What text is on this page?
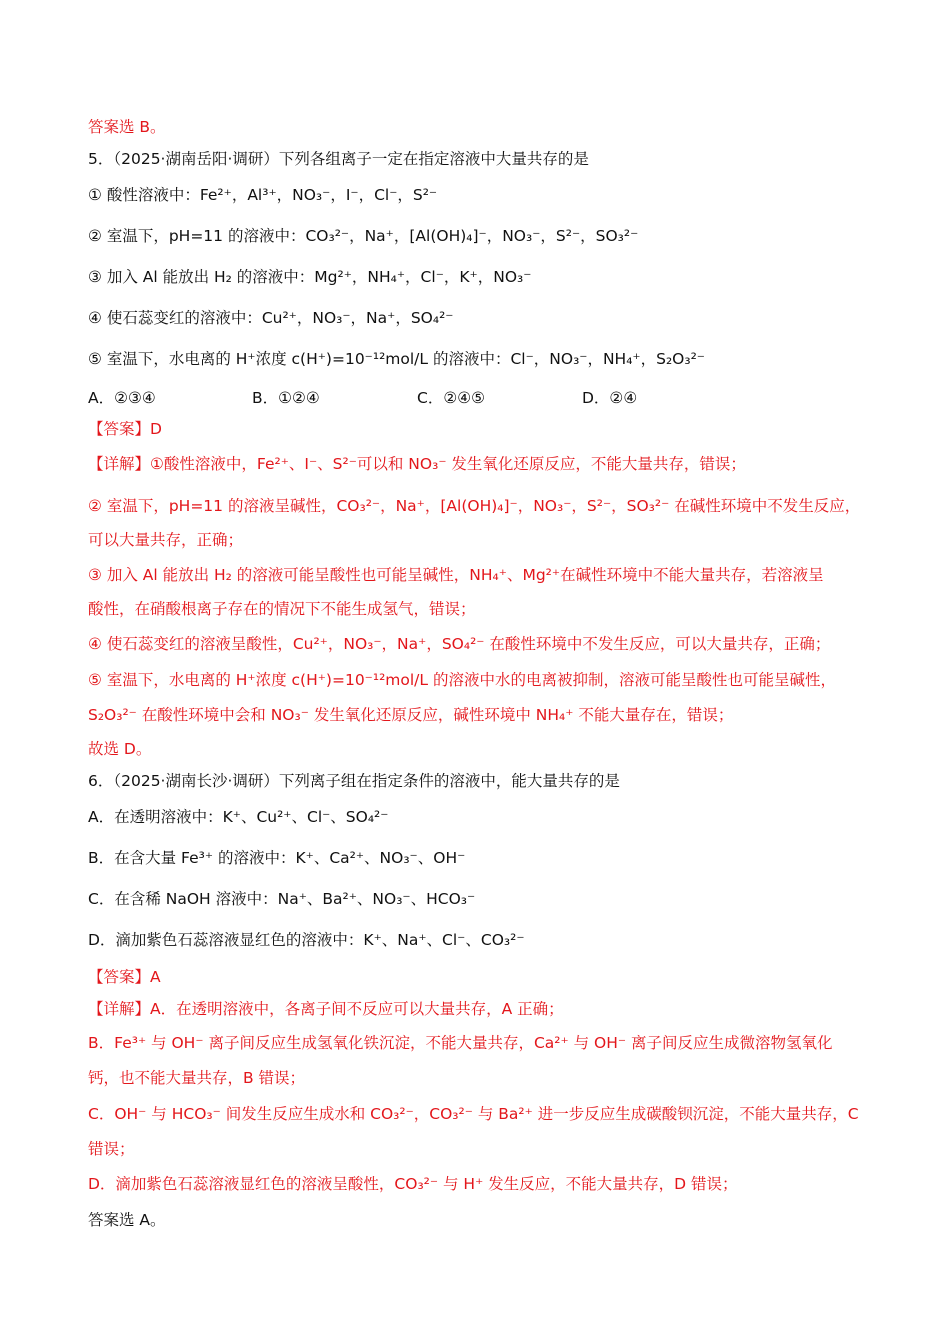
答案选 B。
5．（2025·湖南岳阳·调研）下列各组离子一定在指定溶液中大量共存的是
① 酸性溶液中：Fe²⁺，Al³⁺，NO₃⁻，I⁻，Cl⁻，S²⁻
② 室温下，pH=11 的溶液中：CO₃²⁻，Na⁺，[Al(OH)₄]⁻，NO₃⁻，S²⁻，SO₃²⁻
③ 加入 Al 能放出 H₂ 的溶液中：Mg²⁺，NH₄⁺，Cl⁻，K⁺，NO₃⁻
④ 使石蕊变红的溶液中：Cu²⁺，NO₃⁻，Na⁺，SO₄²⁻
⑤ 室温下，水电离的 H⁺浓度 c(H⁺)=10⁻¹²mol/L 的溶液中：Cl⁻，NO₃⁻，NH₄⁺，S₂O₃²⁻
A．②③④	B．①②④	C．②④⑤	D．②④
【答案】D
【详解】①酸性溶液中，Fe²⁺、I⁻、S²⁻可以和 NO₃⁻ 发生氧化还原反应，不能大量共存，错误；
② 室温下，pH=11 的溶液呈碱性，CO₃²⁻，Na⁺，[Al(OH)₄]⁻，NO₃⁻，S²⁻，SO₃²⁻ 在碱性环境中不发生反应，
可以大量共存，正确；
③ 加入 Al 能放出 H₂ 的溶液可能呈酸性也可能呈碱性，NH₄⁺、Mg²⁺在碱性环境中不能大量共存，若溶液呈
酸性，在硝酸根离子存在的情况下不能生成氢气，错误；
④ 使石蕊变红的溶液呈酸性，Cu²⁺，NO₃⁻，Na⁺，SO₄²⁻ 在酸性环境中不发生反应，可以大量共存，正确；
⑤ 室温下，水电离的 H⁺浓度 c(H⁺)=10⁻¹²mol/L 的溶液中水的电离被抑制，溶液可能呈酸性也可能呈碱性，
S₂O₃²⁻ 在酸性环境中会和 NO₃⁻ 发生氧化还原反应，碱性环境中 NH₄⁺ 不能大量存在，错误；
故选 D。
6．（2025·湖南长沙·调研）下列离子组在指定条件的溶液中，能大量共存的是
A．在透明溶液中：K⁺、Cu²⁺、Cl⁻、SO₄²⁻
B．在含大量 Fe³⁺ 的溶液中：K⁺、Ca²⁺、NO₃⁻、OH⁻
C．在含稀 NaOH 溶液中：Na⁺、Ba²⁺、NO₃⁻、HCO₃⁻
D．滴加紫色石蕊溶液显红色的溶液中：K⁺、Na⁺、Cl⁻、CO₃²⁻
【答案】A
【详解】A．在透明溶液中，各离子间不反应可以大量共存，A 正确；
B．Fe³⁺ 与 OH⁻ 离子间反应生成氢氧化铁沉淀，不能大量共存，Ca²⁺ 与 OH⁻ 离子间反应生成微溶物氢氧化
钙，也不能大量共存，B 错误；
C．OH⁻ 与 HCO₃⁻ 间发生反应生成水和 CO₃²⁻，CO₃²⁻ 与 Ba²⁺ 进一步反应生成碳酸钡沉淀，不能大量共存，C
错误；
D．滴加紫色石蕊溶液显红色的溶液呈酸性，CO₃²⁻ 与 H⁺ 发生反应，不能大量共存，D 错误；
答案选 A。
